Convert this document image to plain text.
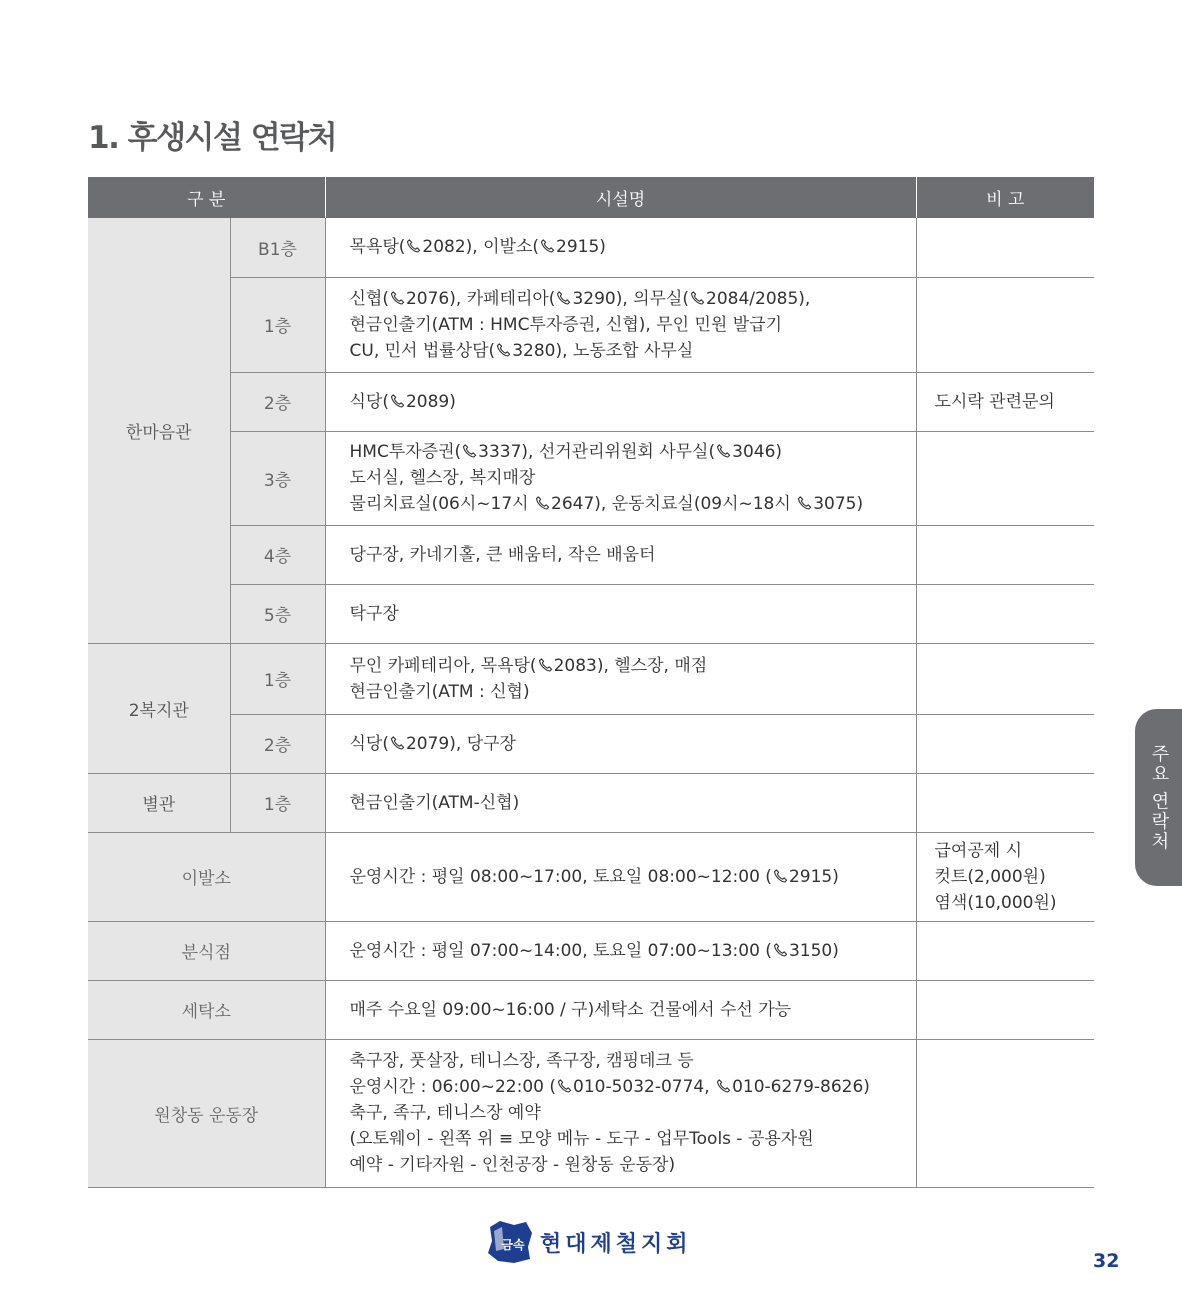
1. 후생시설 연락처
구 분		시설명	비 고
한마음관	B1층	목욕탕( 2082), 이발소( 2915)	

	1층	신협( 2076), 카페테리아( 3290), 의무실( 2084/2085),
현금인출기(ATM : HMC투자증권, 신협), 무인 민원 발급기
CU, 민서 법률상담( 3280), 노동조합 사무실	

	2층	식당( 2089)	도시락 관련문의

	3층	HMC투자증권( 3337), 선거관리위원회 사무실( 3046)
도서실, 헬스장, 복지매장
물리치료실(06시~17시 2647), 운동치료실(09시~18시 3075)	

	4층	당구장, 카네기홀, 큰 배움터, 작은 배움터	

	5층	탁구장	

2복지관	1층	무인 카페테리아, 목욕탕( 2083), 헬스장, 매점
현금인출기(ATM : 신협)	

	2층	식당( 2079), 당구장	

별관	1층	현금인출기(ATM-신협)	

이발소		운영시간 : 평일 08:00~17:00, 토요일 08:00~12:00 ( 2915)	급여공제 시
컷트(2,000원)
염색(10,000원)

분식점		운영시간 : 평일 07:00~14:00, 토요일 07:00~13:00 ( 3150)	

세탁소		매주 수요일 09:00~16:00 / 구)세탁소 건물에서 수선 가능	

원창동 운동장		축구장, 풋살장, 테니스장, 족구장, 캠핑데크 등
운영시간 : 06:00~22:00 ( 010-5032-0774, 010-6279-8626)
축구, 족구, 테니스장 예약
(오토웨이 - 왼쪽 위 ≡ 모양 메뉴 - 도구 - 업무Tools - 공용자원
예약 - 기타자원 - 인천공장 - 원창동 운동장)	

주요 연락처
금속 현대제철지회
32
